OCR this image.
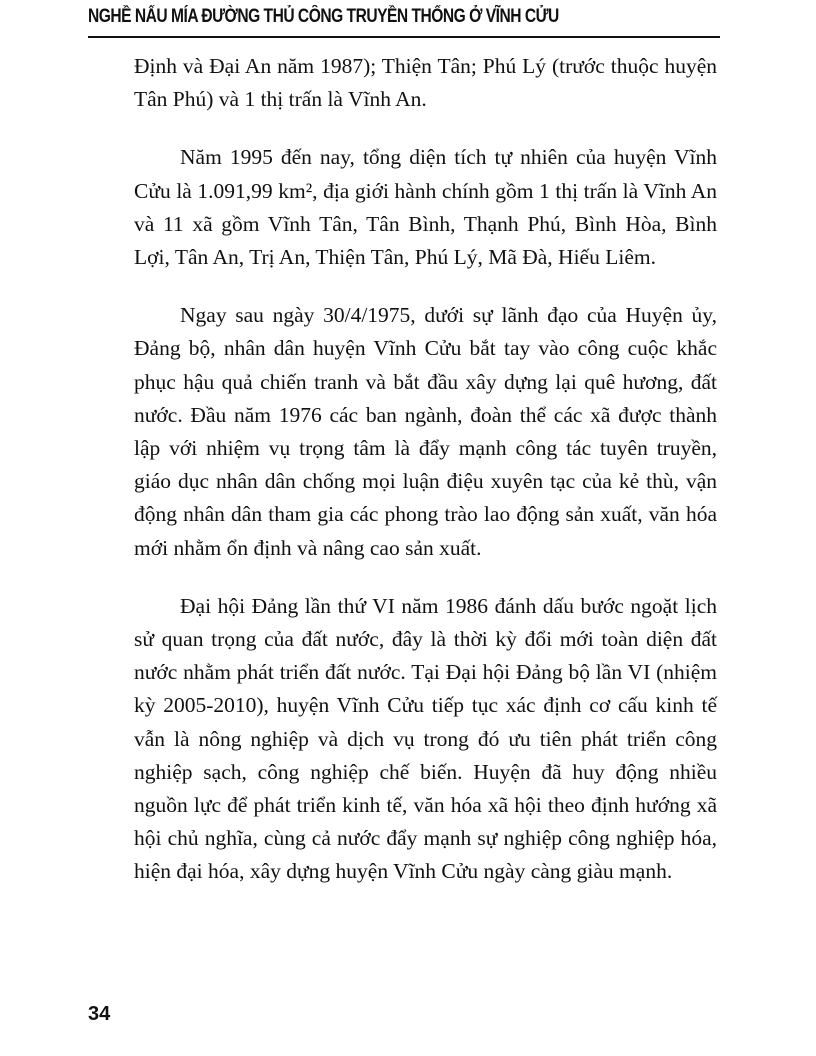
NGHỀ NẤU MÍA ĐƯỜNG THỦ CÔNG TRUYỀN THỐNG Ở VĨNH CỬU

Định và Đại An năm 1987); Thiện Tân; Phú Lý (trước thuộc huyện Tân Phú) và 1 thị trấn là Vĩnh An.

Năm 1995 đến nay, tổng diện tích tự nhiên của huyện Vĩnh Cửu là 1.091,99 km², địa giới hành chính gồm 1 thị trấn là Vĩnh An và 11 xã gồm Vĩnh Tân, Tân Bình, Thạnh Phú, Bình Hòa, Bình Lợi, Tân An, Trị An, Thiện Tân, Phú Lý, Mã Đà, Hiếu Liêm.

Ngay sau ngày 30/4/1975, dưới sự lãnh đạo của Huyện ủy, Đảng bộ, nhân dân huyện Vĩnh Cửu bắt tay vào công cuộc khắc phục hậu quả chiến tranh và bắt đầu xây dựng lại quê hương, đất nước. Đầu năm 1976 các ban ngành, đoàn thể các xã được thành lập với nhiệm vụ trọng tâm là đẩy mạnh công tác tuyên truyền, giáo dục nhân dân chống mọi luận điệu xuyên tạc của kẻ thù, vận động nhân dân tham gia các phong trào lao động sản xuất, văn hóa mới nhằm ổn định và nâng cao sản xuất.

Đại hội Đảng lần thứ VI năm 1986 đánh dấu bước ngoặt lịch sử quan trọng của đất nước, đây là thời kỳ đổi mới toàn diện đất nước nhằm phát triển đất nước. Tại Đại hội Đảng bộ lần VI (nhiệm kỳ 2005-2010), huyện Vĩnh Cửu tiếp tục xác định cơ cấu kinh tế vẫn là nông nghiệp và dịch vụ trong đó ưu tiên phát triển công nghiệp sạch, công nghiệp chế biến. Huyện đã huy động nhiều nguồn lực để phát triển kinh tế, văn hóa xã hội theo định hướng xã hội chủ nghĩa, cùng cả nước đẩy mạnh sự nghiệp công nghiệp hóa, hiện đại hóa, xây dựng huyện Vĩnh Cửu ngày càng giàu mạnh.

34
